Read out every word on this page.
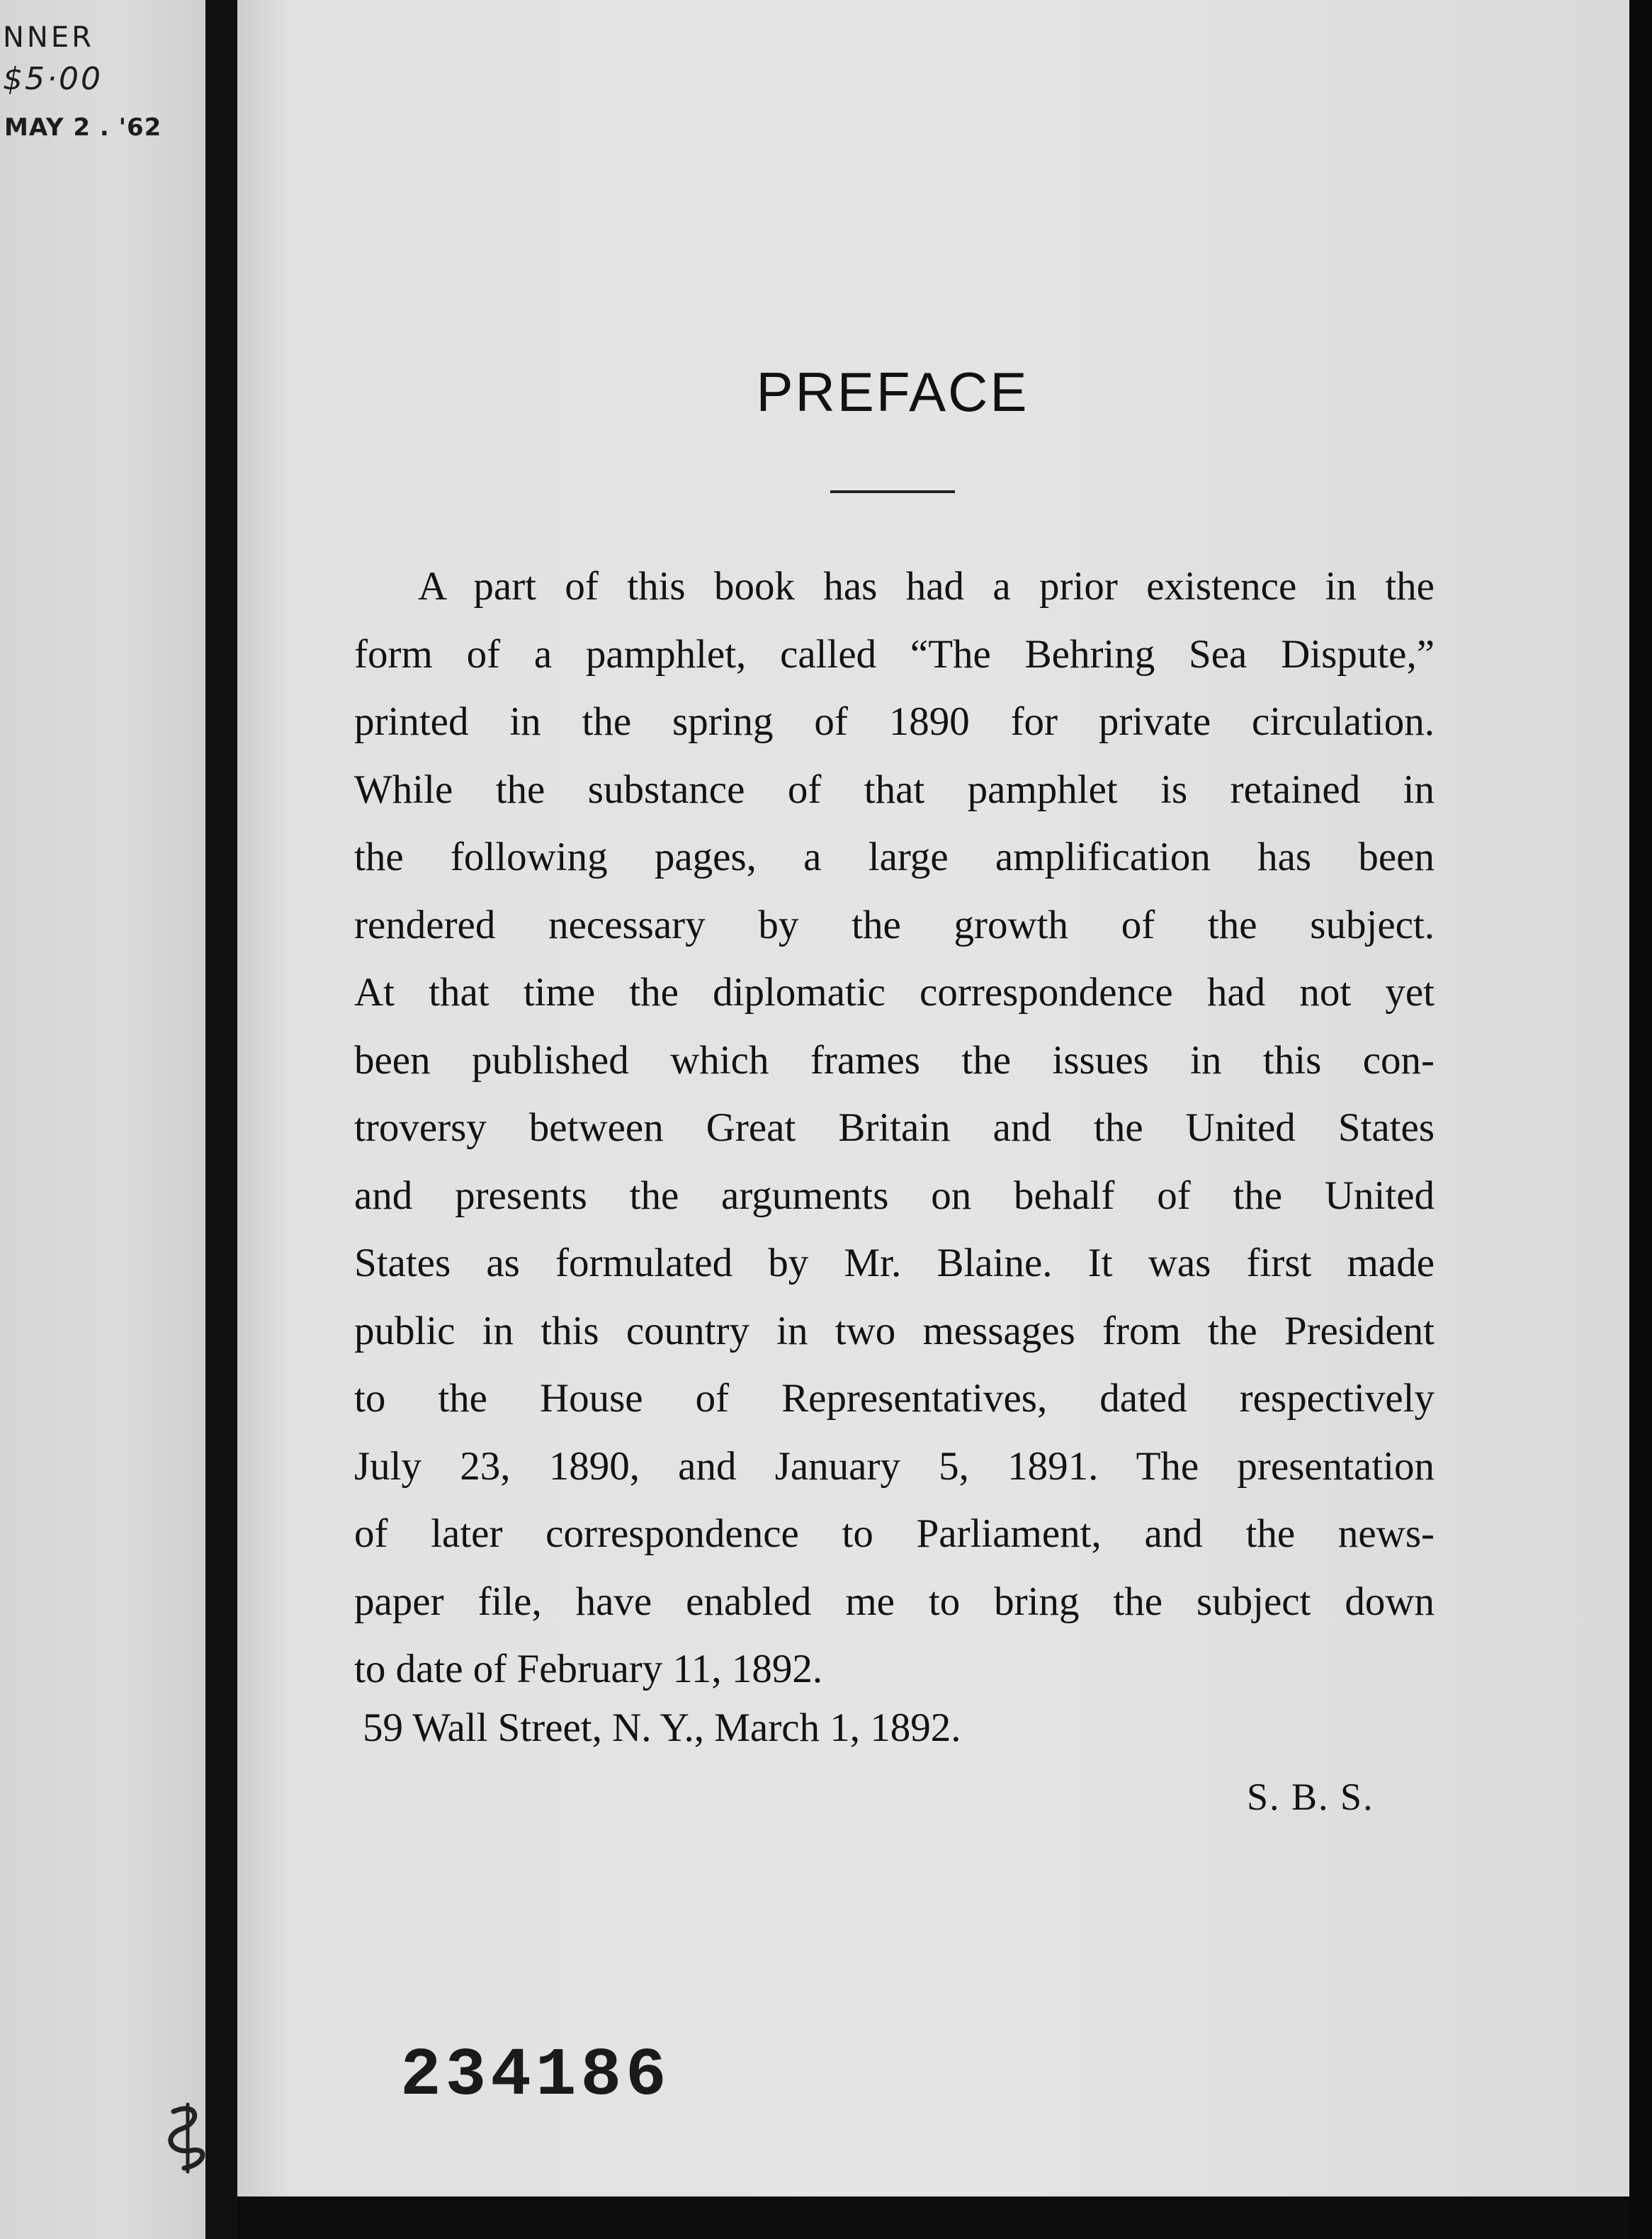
NNER
$5·00
MAY 2 . '62
PREFACE
A part of this book has had a prior existence in the
form of a pamphlet, called “The Behring Sea Dispute,”
printed in the spring of 1890 for private circulation.
While the substance of that pamphlet is retained in
the following pages, a large amplification has been
rendered necessary by the growth of the subject.
At that time the diplomatic correspondence had not yet
been published which frames the issues in this con-
troversy between Great Britain and the United States
and presents the arguments on behalf of the United
States as formulated by Mr. Blaine. It was first made
public in this country in two messages from the President
to the House of Representatives, dated respectively
July 23, 1890, and January 5, 1891. The presentation
of later correspondence to Parliament, and the news-
paper file, have enabled me to bring the subject down
to date of February 11, 1892.
59 Wall Street, N. Y., March 1, 1892.
S. B. S.
234186
